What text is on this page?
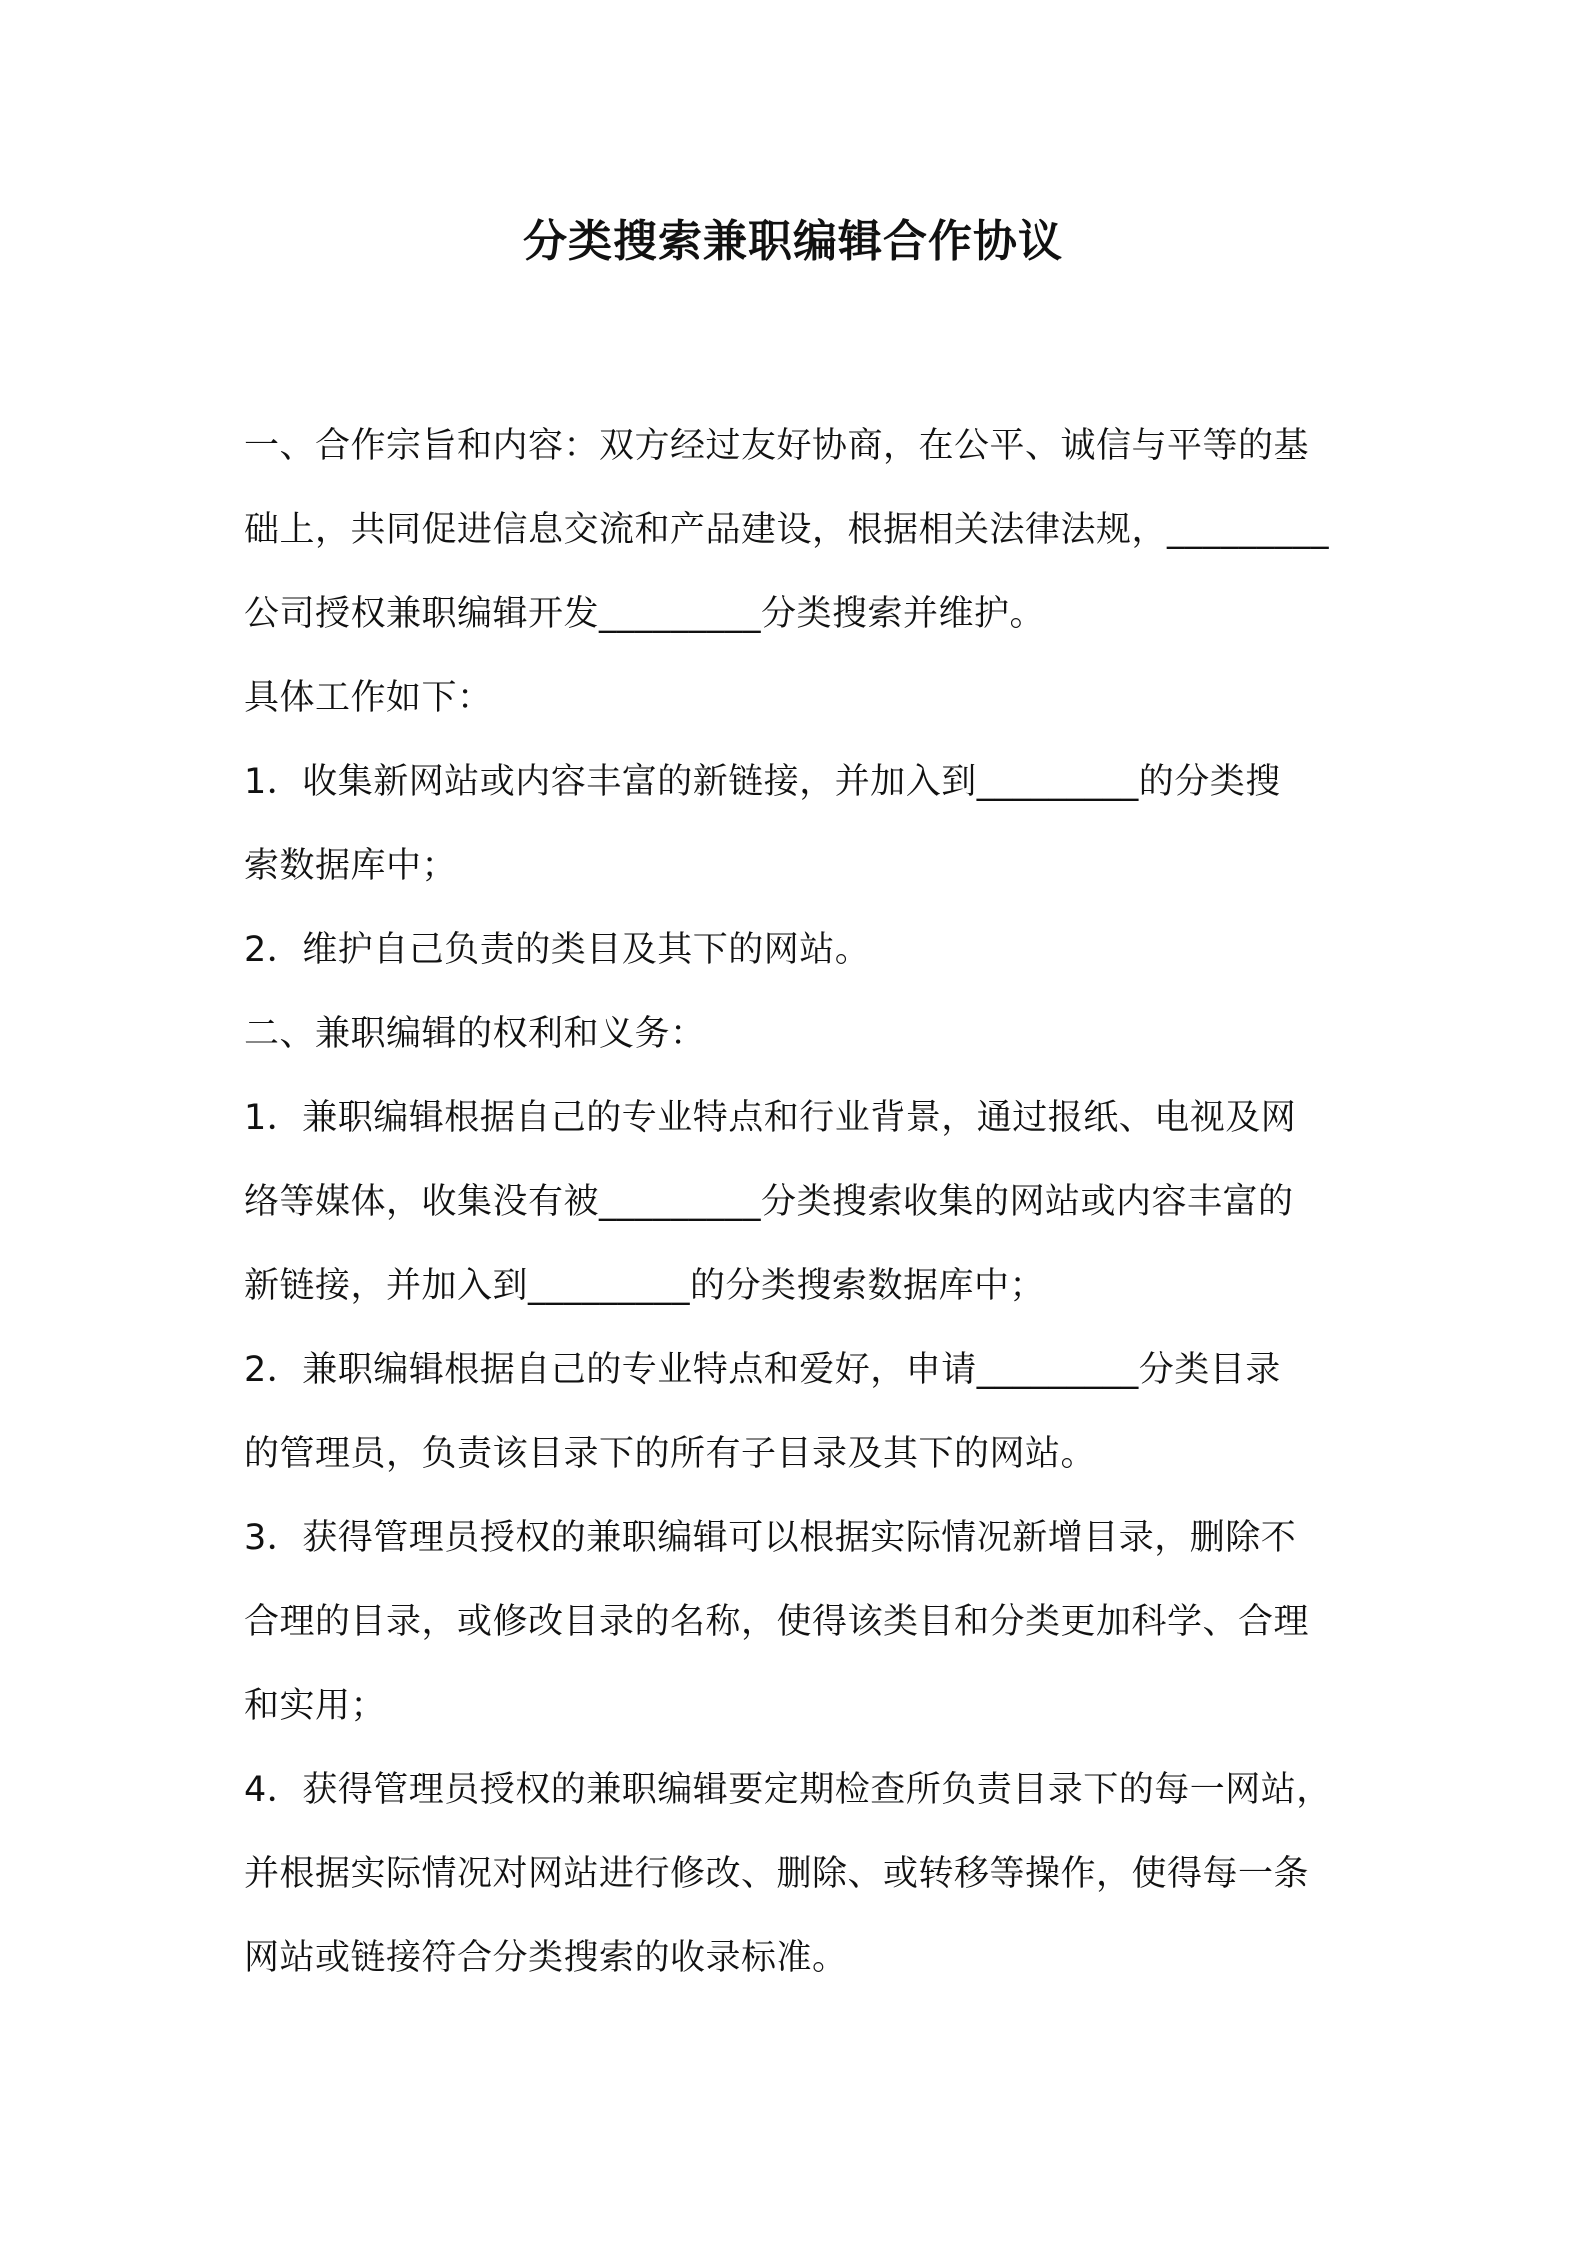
分类搜索兼职编辑合作协议
一、合作宗旨和内容：双方经过友好协商，在公平、诚信与平等的基
础上，共同促进信息交流和产品建设，根据相关法律法规，_________
公司授权兼职编辑开发_________分类搜索并维护。
具体工作如下：
1．收集新网站或内容丰富的新链接，并加入到_________的分类搜
索数据库中；
2．维护自己负责的类目及其下的网站。
二、兼职编辑的权利和义务：
1．兼职编辑根据自己的专业特点和行业背景，通过报纸、电视及网
络等媒体，收集没有被_________分类搜索收集的网站或内容丰富的
新链接，并加入到_________的分类搜索数据库中；
2．兼职编辑根据自己的专业特点和爱好，申请_________分类目录
的管理员，负责该目录下的所有子目录及其下的网站。
3．获得管理员授权的兼职编辑可以根据实际情况新增目录，删除不
合理的目录，或修改目录的名称，使得该类目和分类更加科学、合理
和实用；
4．获得管理员授权的兼职编辑要定期检查所负责目录下的每一网站，
并根据实际情况对网站进行修改、删除、或转移等操作，使得每一条
网站或链接符合分类搜索的收录标准。
